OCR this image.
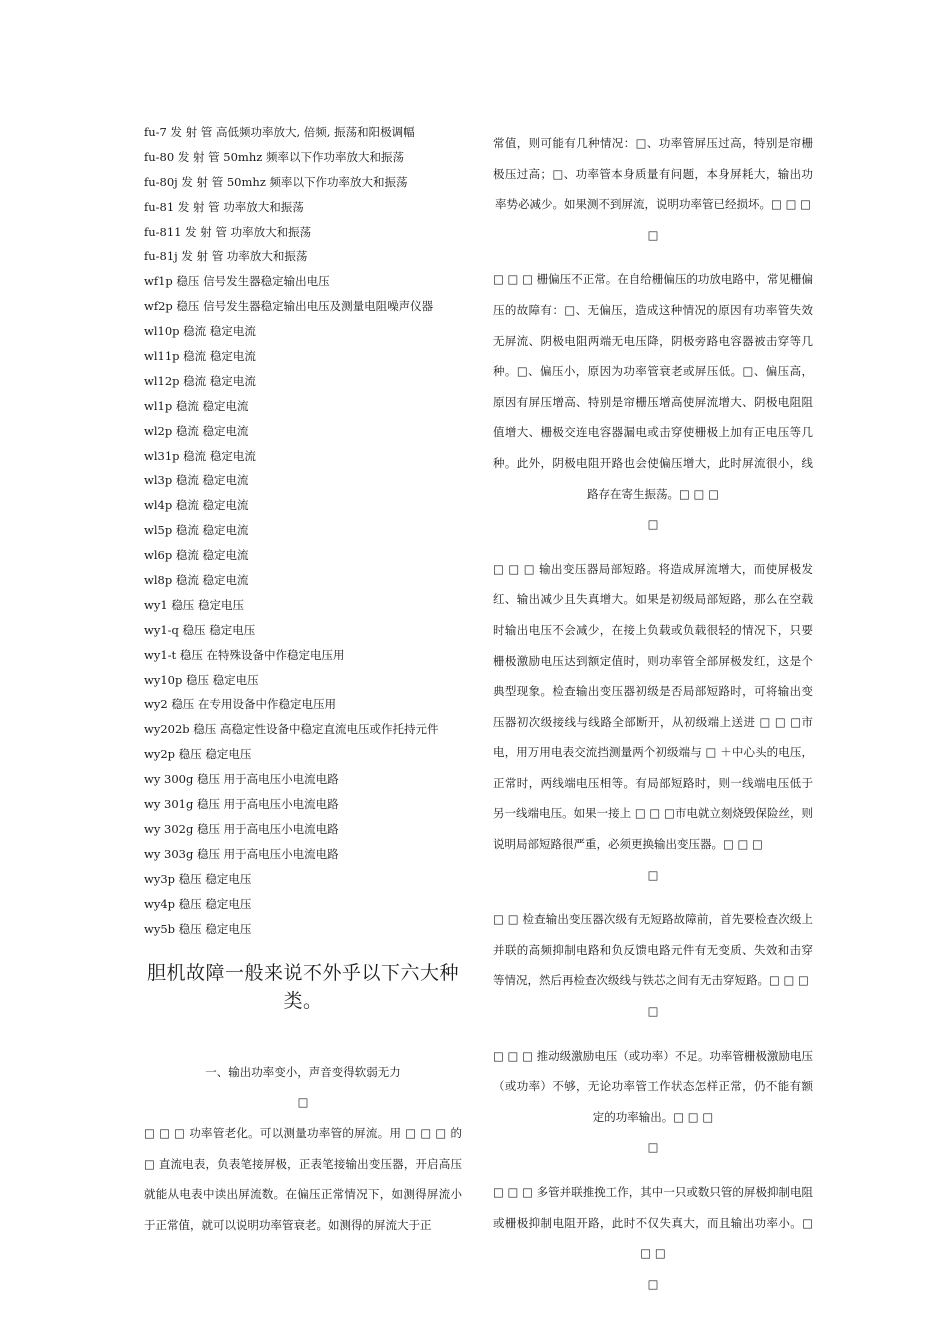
fu-7 发 射 管 高低频功率放大, 倍频, 振荡和阳极调幅
fu-80 发 射 管 50mhz 频率以下作功率放大和振荡
fu-80j 发 射 管 50mhz 频率以下作功率放大和振荡
fu-81 发 射 管 功率放大和振荡
fu-811 发 射 管 功率放大和振荡
fu-81j 发 射 管 功率放大和振荡
wf1p 稳压 信号发生器稳定输出电压
wf2p 稳压 信号发生器稳定输出电压及测量电阻噪声仪器
wl10p 稳流 稳定电流
wl11p 稳流 稳定电流
wl12p 稳流 稳定电流
wl1p 稳流 稳定电流
wl2p 稳流 稳定电流
wl31p 稳流 稳定电流
wl3p 稳流 稳定电流
wl4p 稳流 稳定电流
wl5p 稳流 稳定电流
wl6p 稳流 稳定电流
wl8p 稳流 稳定电流
wy1 稳压 稳定电压
wy1-q 稳压 稳定电压
wy1-t 稳压 在特殊设备中作稳定电压用
wy10p 稳压 稳定电压
wy2 稳压 在专用设备中作稳定电压用
wy202b 稳压 高稳定性设备中稳定直流电压或作托持元件
wy2p 稳压 稳定电压
wy 300g 稳压 用于高电压小电流电路
wy 301g 稳压 用于高电压小电流电路
wy 302g 稳压 用于高电压小电流电路
wy 303g 稳压 用于高电压小电流电路
wy3p 稳压 稳定电压
wy4p 稳压 稳定电压
wy5b 稳压 稳定电压
胆机故障一般来说不外乎以下六大种类。
一、输出功率变小，声音变得软弱无力
□
□ □ □ 功率管老化。可以测量功率管的屏流。用 □ □ □ 的 □ 直流电表，负表笔接屏极，正表笔接输出变压器，开启高压就能从电表中读出屏流数。在偏压正常情况下，如测得屏流小于正常值，就可以说明功率管衰老。如测得的屏流大于正
常值，则可能有几种情况：□、功率管屏压过高，特别是帘栅极压过高；□、功率管本身质量有问题，本身屏耗大，输出功率势必减少。如果测不到屏流，说明功率管已经损坏。□ □ □
□
□ □ □ 栅偏压不正常。在自给栅偏压的功放电路中，常见栅偏压的故障有：□、无偏压，造成这种情况的原因有功率管失效无屏流、阴极电阻两端无电压降，阴极旁路电容器被击穿等几种。□、偏压小，原因为功率管衰老或屏压低。□、偏压高，原因有屏压增高、特别是帘栅压增高使屏流增大、阴极电阻阻值增大、栅极交连电容器漏电或击穿使栅极上加有正电压等几种。此外，阴极电阻开路也会使偏压增大，此时屏流很小，线路存在寄生振荡。□ □ □
□
□ □ □ 输出变压器局部短路。将造成屏流增大，而使屏极发红、输出减少且失真增大。如果是初级局部短路，那么在空载时输出电压不会减少，在接上负载或负载很轻的情况下，只要栅极激励电压达到额定值时，则功率管全部屏极发红，这是个典型现象。检查输出变压器初级是否局部短路时，可将输出变压器初次级接线与线路全部断开，从初级端上送进 □ □ □市电，用万用电表交流挡测量两个初级端与 □ ＋中心头的电压，正常时，两线端电压相等。有局部短路时，则一线端电压低于另一线端电压。如果一接上 □ □ □市电就立刻烧毁保险丝，则说明局部短路很严重，必须更换输出变压器。□ □ □
□
□ □ 检查输出变压器次级有无短路故障前，首先要检查次级上并联的高频抑制电路和负反馈电路元件有无变质、失效和击穿等情况，然后再检查次级线与铁芯之间有无击穿短路。□ □ □
□
□ □ □ 推动级激励电压（或功率）不足。功率管栅极激励电压（或功率）不够，无论功率管工作状态怎样正常，仍不能有额定的功率输出。□ □ □
□
□ □ □ 多管并联推挽工作，其中一只或数只管的屏极抑制电阻或栅极抑制电阻开路，此时不仅失真大，而且输出功率小。□ □ □
□
